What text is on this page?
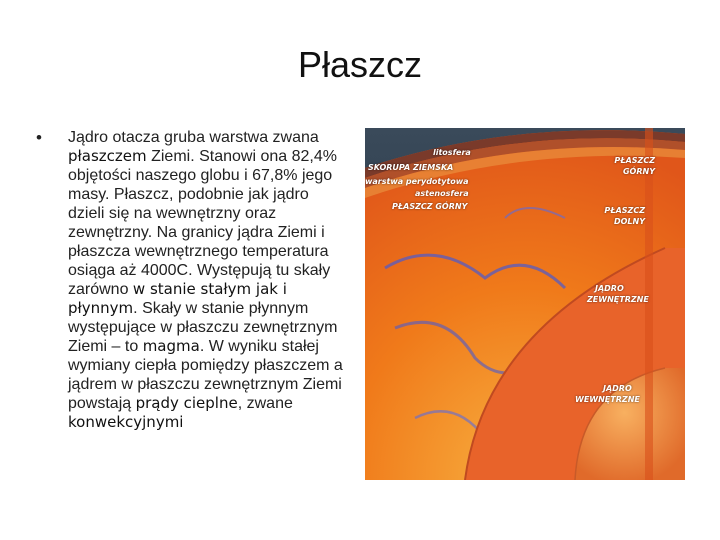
Płaszcz
• Jądro otacza gruba warstwa zwana płaszczem Ziemi. Stanowi ona 82,4% objętości naszego globu i 67,8% jego masy. Płaszcz, podobnie jak jądro dzieli się na wewnętrzny oraz zewnętrzny. Na granicy jądra Ziemi i płaszcza wewnętrznego temperatura osiąga aż 4000C. Występują tu skały zarówno w stanie stałym jak i płynnym. Skały w stanie płynnym występujące w płaszczu zewnętrznym Ziemi – to magma. W wyniku stałej wymiany ciepła pomiędzy płaszczem a jądrem w płaszczu zewnętrznym Ziemi powstają prądy cieplne, zwane konwekcyjnymi
litosfera
SKORUPA ZIEMSKA
warstwa perydotytowa
astenosfera
PŁASZCZ GÓRNY
PŁASZCZ
GÓRNY
PŁASZCZ
DOLNY
JĄDRO
ZEWNĘTRZNE
JĄDRO
WEWNĘTRZNE
